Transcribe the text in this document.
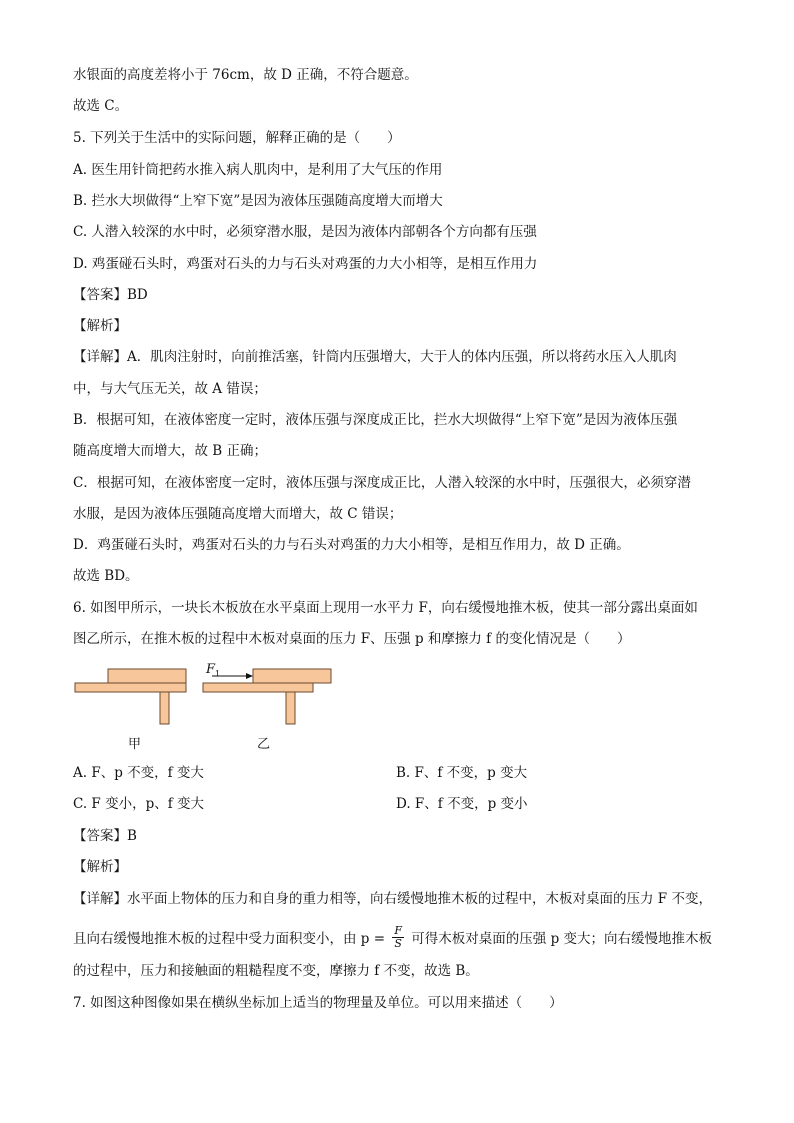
水银面的高度差将小于 76cm，故 D 正确，不符合题意。
故选 C。
5. 下列关于生活中的实际问题，解释正确的是（　　）
A. 医生用针筒把药水推入病人肌肉中，是利用了大气压的作用
B. 拦水大坝做得“上窄下宽”是因为液体压强随高度增大而增大
C. 人潜入较深的水中时，必须穿潜水服，是因为液体内部朝各个方向都有压强
D. 鸡蛋碰石头时，鸡蛋对石头的力与石头对鸡蛋的力大小相等，是相互作用力
【答案】BD
【解析】
【详解】A．肌肉注射时，向前推活塞，针筒内压强增大，大于人的体内压强，所以将药水压入人肌肉
中，与大气压无关，故 A 错误；
B．根据可知，在液体密度一定时，液体压强与深度成正比，拦水大坝做得“上窄下宽”是因为液体压强
随高度增大而增大，故 B 正确；
C．根据可知，在液体密度一定时，液体压强与深度成正比，人潜入较深的水中时，压强很大，必须穿潜
水服，是因为液体压强随高度增大而增大，故 C 错误；
D．鸡蛋碰石头时，鸡蛋对石头的力与石头对鸡蛋的力大小相等，是相互作用力，故 D 正确。
故选 BD。
6. 如图甲所示，一块长木板放在水平桌面上现用一水平力 F，向右缓慢地推木板，使其一部分露出桌面如
图乙所示，在推木板的过程中木板对桌面的压力 F、压强 p 和摩擦力 f 的变化情况是（　　）
$F_1$
甲	乙
A. F、p 不变，f 变大	B. F、f 不变，p 变大
C. F 变小，p、f 变大	D. F、f 不变，p 变小
【答案】B
【解析】
【详解】水平面上物体的压力和自身的重力相等，向右缓慢地推木板的过程中，木板对桌面的压力 F 不变，
且向右缓慢地推木板的过程中受力面积变小，由 $p = \frac{F}{S}$ 可得木板对桌面的压强 p 变大；向右缓慢地推木板
的过程中，压力和接触面的粗糙程度不变，摩擦力 f 不变，故选 B。
7. 如图这种图像如果在横纵坐标加上适当的物理量及单位。可以用来描述（　　）
